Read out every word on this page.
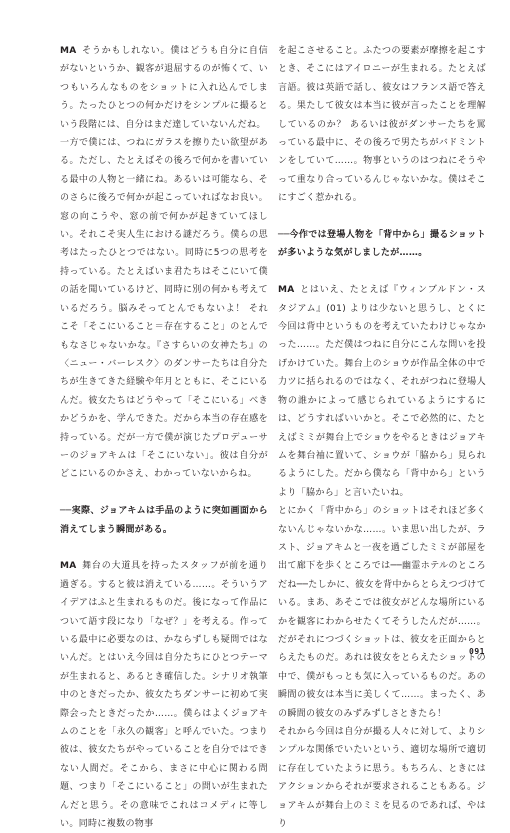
MA そうかもしれない。僕はどうも自分に自信がないというか、観客が退屈するのが怖くて、いつもいろんなものをショットに入れ込んでしまう。たったひとつの何かだけをシンプルに撮るという段階には、自分はまだ達していないんだね。

一方で僕には、つねにガラスを擦りたい欲望がある。ただし、たとえばその後ろで何かを書いている最中の人物と一緒にね。あるいは可能なら、そのさらに後ろで何かが起こっていればなお良い。窓の向こうや、窓の前で何かが起きていてほしい。それこそ実人生における謎だろう。僕らの思考はたったひとつではない。同時に5つの思考を持っている。たとえばいま君たちはそこにいて僕の話を聞いているけど、同時に別の何かも考えているだろう。脳みそってとんでもないよ！ それこそ「そこにいること＝存在すること」のとんでもなさじゃないかな。『さすらいの女神たち』の〈ニュー・バーレスク〉のダンサーたちは自分たちが生きてきた経験や年月とともに、そこにいるんだ。彼女たちはどうやって「そこにいる」べきかどうかを、学んできた。だから本当の存在感を持っている。だが一方で僕が演じたプロデューサーのジョアキムは「そこにいない」。彼は自分がどこにいるのかさえ、わかっていないからね。

──実際、ジョアキムは手品のように突如画面から消えてしまう瞬間がある。

MA 舞台の大道具を持ったスタッフが前を通り過ぎる。すると彼は消えている……。そういうアイデアはふと生まれるものだ。後になって作品について語す段になり「なぜ？」を考える。作っている最中に必要なのは、かならずしも疑問ではないんだ。とはいえ今回は自分たちにひとつテーマが生まれると、あるとき確信した。シナリオ執筆中のときだったか、彼女たちダンサーに初めて実際会ったときだったか……。僕らはよくジョアキムのことを「永久の観客」と呼んでいた。つまり彼は、彼女たちがやっていることを自分ではできない人間だ。そこから、まさに中心に関わる問題、つまり「そこにいること」の問いが生まれたんだと思う。その意味でこれはコメディに等しい。同時に複数の物事

を起こさせること。ふたつの要素が摩擦を起こすとき、そこにはアイロニーが生まれる。たとえば言語。彼は英語で話し、彼女はフランス語で答える。果たして彼女は本当に彼が言ったことを理解しているのか？ あるいは彼がダンサーたちを罵っている最中に、その後ろで男たちがバドミントンをしていて……。物事というのはつねにそうやって重なり合っているんじゃないかな。僕はそこにすごく惹かれる。

──今作では登場人物を「背中から」撮るショットが多いような気がしましたが……。

MA とはいえ、たとえば『ウィンブルドン・スタジアム』(01) よりは少ないと思うし、とくに今回は背中というものを考えていたわけじゃなかった……。ただ僕はつねに自分にこんな問いを投げかけていた。舞台上のショウが作品全体の中で力ツに括られるのではなく、それがつねに登場人物の誰かによって感じられているようにするには、どうすればいいかと。そこで必然的に、たとえばミミが舞台上でショウをやるときはジョアキムを舞台袖に置いて、ショウが「脇から」見られるようにした。だから僕なら「背中から」というより「脇から」と言いたいね。

とにかく「背中から」のショットはそれほど多くないんじゃないかな……。いま思い出したが、ラスト、ジョアキムと一夜を過ごしたミミが部屋を出て廊下を歩くところでは──幽霊ホテルのところだね──たしかに、彼女を背中からとらえつづけている。まあ、あそこでは彼女がどんな場所にいるかを観客にわからせたくてそうしたんだが……。だがそれにつづくショットは、彼女を正面からとらえたものだ。あれは彼女をとらえたショットの中で、僕がもっとも気に入っているものだ。あの瞬間の彼女は本当に美しくて……。まったく、あの瞬間の彼女のみずみずしさときたら！

それから今回は自分が撮る人々に対して、よりシンプルな関係でいたいという、適切な場所で適切に存在していたように思う。もちろん、ときにはアクションからそれが要求されることもある。ジョアキムが舞台上のミミを見るのであれば、やはり

091
